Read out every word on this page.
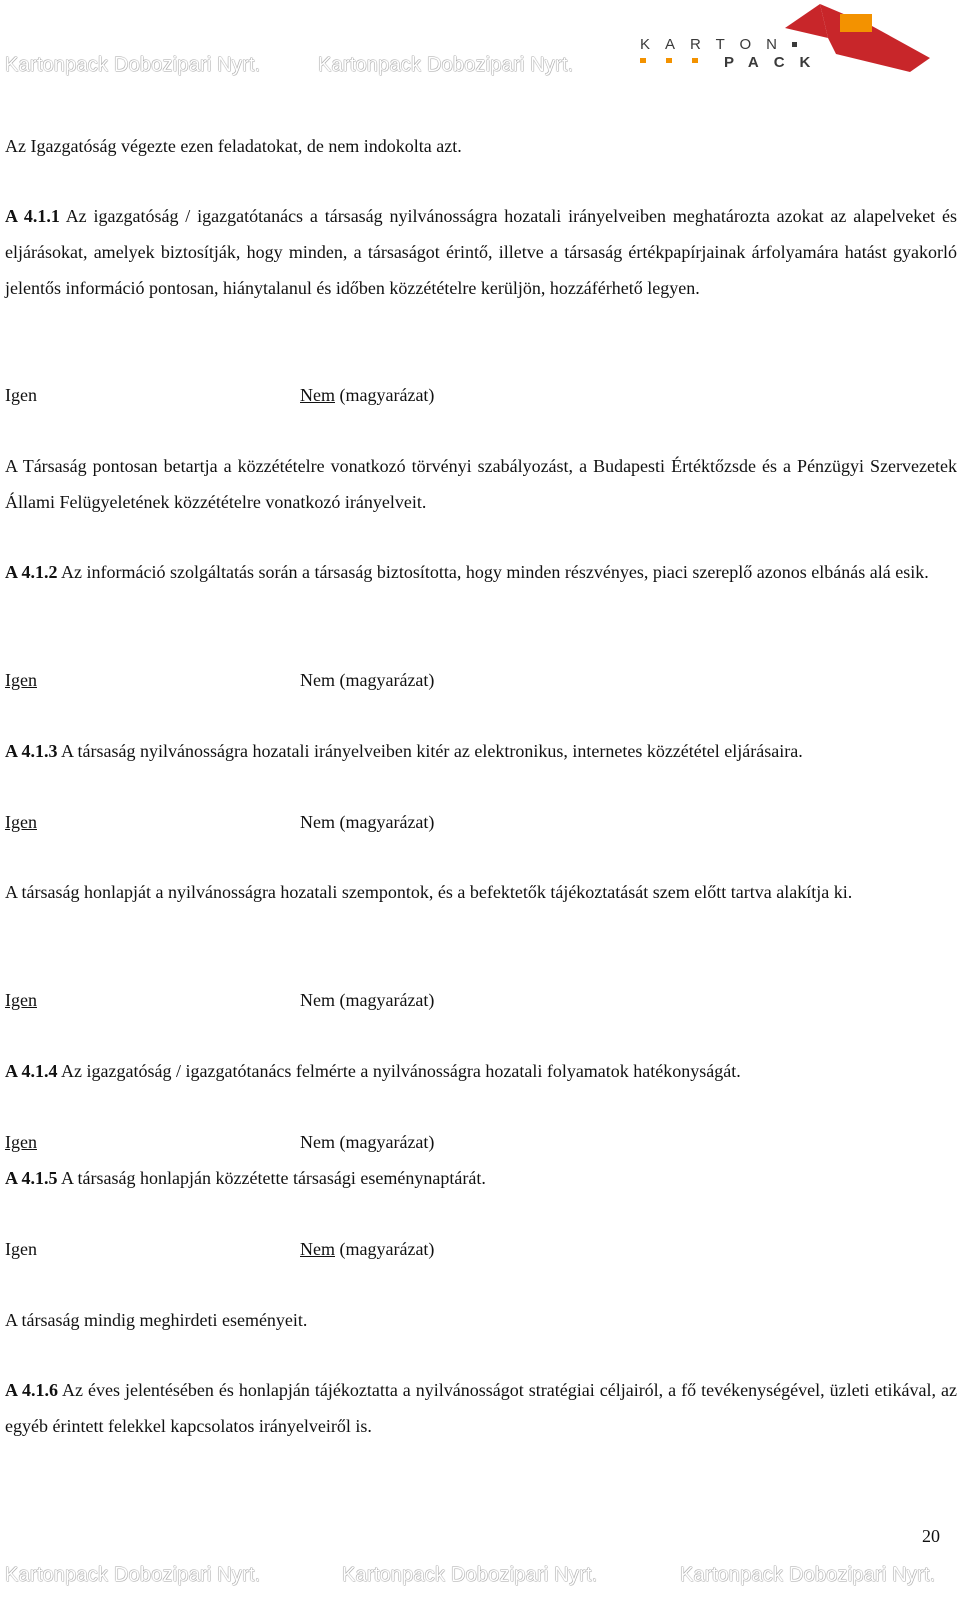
Kartonpack Dobozipari Nyrt.	Kartonpack Dobozipari Nyrt.
KARTON
PACK
Az Igazgatóság végezte ezen feladatokat, de nem indokolta azt.
A 4.1.1 Az igazgatóság / igazgatótanács a társaság nyilvánosságra hozatali irányelveiben meghatározta azokat az alapelveket és eljárásokat, amelyek biztosítják, hogy minden, a társaságot érintő, illetve a társaság értékpapírjainak árfolyamára hatást gyakorló jelentős információ pontosan, hiánytalanul és időben közzétételre kerüljön, hozzáférhető legyen.
Igen	Nem (magyarázat)
A Társaság pontosan betartja a közzétételre vonatkozó törvényi szabályozást, a Budapesti Értéktőzsde és a Pénzügyi Szervezetek Állami Felügyeletének közzétételre vonatkozó irányelveit.
A 4.1.2 Az információ szolgáltatás során a társaság biztosította, hogy minden részvényes, piaci szereplő azonos elbánás alá esik.
Igen	Nem (magyarázat)
A 4.1.3 A társaság nyilvánosságra hozatali irányelveiben kitér az elektronikus, internetes közzététel eljárásaira.
Igen	Nem (magyarázat)
A társaság honlapját a nyilvánosságra hozatali szempontok, és a befektetők tájékoztatását szem előtt tartva alakítja ki.
Igen	Nem (magyarázat)
A 4.1.4 Az igazgatóság / igazgatótanács felmérte a nyilvánosságra hozatali folyamatok hatékonyságát.
Igen	Nem (magyarázat)
A 4.1.5 A társaság honlapján közzétette társasági eseménynaptárát.
Igen	Nem (magyarázat)
A társaság mindig meghirdeti eseményeit.
A 4.1.6 Az éves jelentésében és honlapján tájékoztatta a nyilvánosságot stratégiai céljairól, a fő tevékenységével, üzleti etikával, az egyéb érintett felekkel kapcsolatos irányelveiről is.
20
Kartonpack Dobozipari Nyrt.	Kartonpack Dobozipari Nyrt.	Kartonpack Dobozipari Nyrt.
